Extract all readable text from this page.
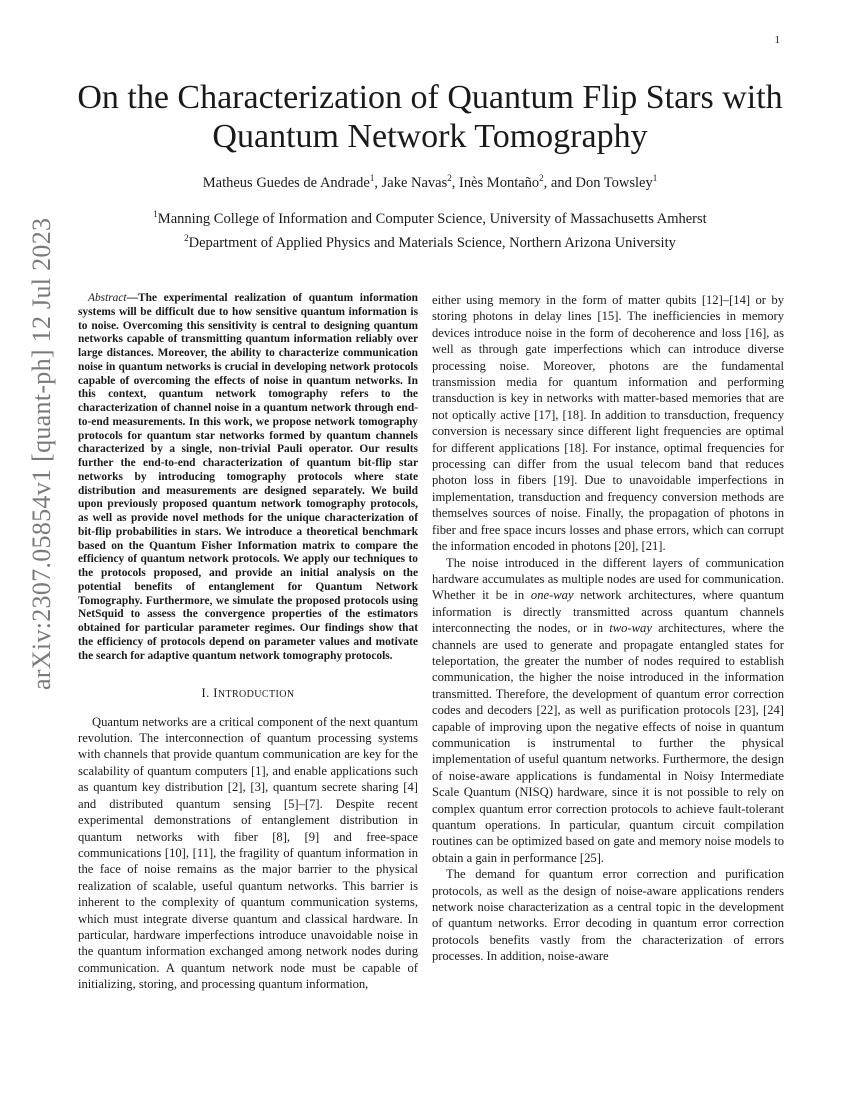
1
arXiv:2307.05854v1 [quant-ph] 12 Jul 2023
On the Characterization of Quantum Flip Stars with
Quantum Network Tomography
Matheus Guedes de Andrade$^1$, Jake Navas$^2$, Inès Montaño$^2$, and Don Towsley$^1$
$^1$Manning College of Information and Computer Science, University of Massachusetts Amherst
$^2$Department of Applied Physics and Materials Science, Northern Arizona University

Abstract—The experimental realization of quantum information systems will be difficult due to how sensitive quantum information is to noise. Overcoming this sensitivity is central to designing quantum networks capable of transmitting quantum information reliably over large distances. Moreover, the ability to characterize communication noise in quantum networks is crucial in developing network protocols capable of overcoming the effects of noise in quantum networks. In this context, quantum network tomography refers to the characterization of channel noise in a quantum network through end-to-end measurements. In this work, we propose network tomography protocols for quantum star networks formed by quantum channels characterized by a single, non-trivial Pauli operator. Our results further the end-to-end characterization of quantum bit-flip star networks by introducing tomography protocols where state distribution and measurements are designed separately. We build upon previously proposed quantum network tomography protocols, as well as provide novel methods for the unique characterization of bit-flip probabilities in stars. We introduce a theoretical benchmark based on the Quantum Fisher Information matrix to compare the efficiency of quantum network protocols. We apply our techniques to the protocols proposed, and provide an initial analysis on the potential benefits of entanglement for Quantum Network Tomography. Furthermore, we simulate the proposed protocols using NetSquid to assess the convergence properties of the estimators obtained for particular parameter regimes. Our findings show that the efficiency of protocols depend on parameter values and motivate the search for adaptive quantum network tomography protocols.

I. INTRODUCTION

Quantum networks are a critical component of the next quantum revolution. The interconnection of quantum processing systems with channels that provide quantum communication are key for the scalability of quantum computers [1], and enable applications such as quantum key distribution [2], [3], quantum secrete sharing [4] and distributed quantum sensing [5]–[7]. Despite recent experimental demonstrations of entanglement distribution in quantum networks with fiber [8], [9] and free-space communications [10], [11], the fragility of quantum information in the face of noise remains as the major barrier to the physical realization of scalable, useful quantum networks. This barrier is inherent to the complexity of quantum communication systems, which must integrate diverse quantum and classical hardware. In particular, hardware imperfections introduce unavoidable noise in the quantum information exchanged among network nodes during communication. A quantum network node must be capable of initializing, storing, and processing quantum information,

either using memory in the form of matter qubits [12]–[14] or by storing photons in delay lines [15]. The inefficiencies in memory devices introduce noise in the form of decoherence and loss [16], as well as through gate imperfections which can introduce diverse processing noise. Moreover, photons are the fundamental transmission media for quantum information and performing transduction is key in networks with matter-based memories that are not optically active [17], [18]. In addition to transduction, frequency conversion is necessary since different light frequencies are optimal for different applications [18]. For instance, optimal frequencies for processing can differ from the usual telecom band that reduces photon loss in fibers [19]. Due to unavoidable imperfections in implementation, transduction and frequency conversion methods are themselves sources of noise. Finally, the propagation of photons in fiber and free space incurs losses and phase errors, which can corrupt the information encoded in photons [20], [21].

The noise introduced in the different layers of communication hardware accumulates as multiple nodes are used for communication. Whether it be in one-way network architectures, where quantum information is directly transmitted across quantum channels interconnecting the nodes, or in two-way architectures, where the channels are used to generate and propagate entangled states for teleportation, the greater the number of nodes required to establish communication, the higher the noise introduced in the information transmitted. Therefore, the development of quantum error correction codes and decoders [22], as well as purification protocols [23], [24] capable of improving upon the negative effects of noise in quantum communication is instrumental to further the physical implementation of useful quantum networks. Furthermore, the design of noise-aware applications is fundamental in Noisy Intermediate Scale Quantum (NISQ) hardware, since it is not possible to rely on complex quantum error correction protocols to achieve fault-tolerant quantum operations. In particular, quantum circuit compilation routines can be optimized based on gate and memory noise models to obtain a gain in performance [25].

The demand for quantum error correction and purification protocols, as well as the design of noise-aware applications renders network noise characterization as a central topic in the development of quantum networks. Error decoding in quantum error correction protocols benefits vastly from the characterization of errors processes. In addition, noise-aware
